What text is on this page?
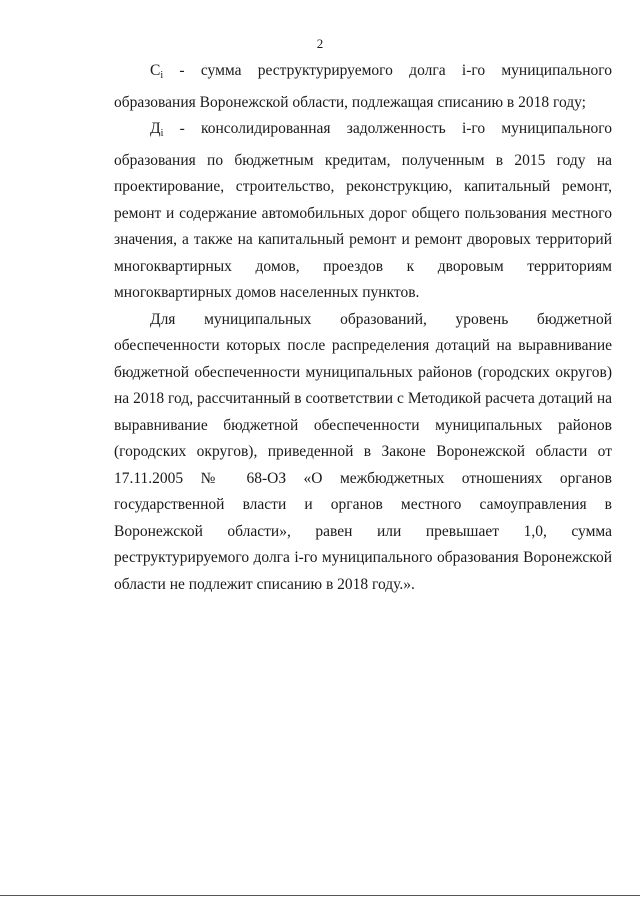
2

$C_i$ - сумма реструктурируемого долга i-го муниципального образования Воронежской области, подлежащая списанию в 2018 году;

$Д_i$ - консолидированная задолженность i-го муниципального образования по бюджетным кредитам, полученным в 2015 году на проектирование, строительство, реконструкцию, капитальный ремонт, ремонт и содержание автомобильных дорог общего пользования местного значения, а также на капитальный ремонт и ремонт дворовых территорий многоквартирных домов, проездов к дворовым территориям многоквартирных домов населенных пунктов.

Для муниципальных образований, уровень бюджетной обеспеченности которых после распределения дотаций на выравнивание бюджетной обеспеченности муниципальных районов (городских округов) на 2018 год, рассчитанный в соответствии с Методикой расчета дотаций на выравнивание бюджетной обеспеченности муниципальных районов (городских округов), приведенной в Законе Воронежской области от 17.11.2005 № 68-ОЗ «О межбюджетных отношениях органов государственной власти и органов местного самоуправления в Воронежской области», равен или превышает 1,0, сумма реструктурируемого долга i-го муниципального образования Воронежской области не подлежит списанию в 2018 году.».
